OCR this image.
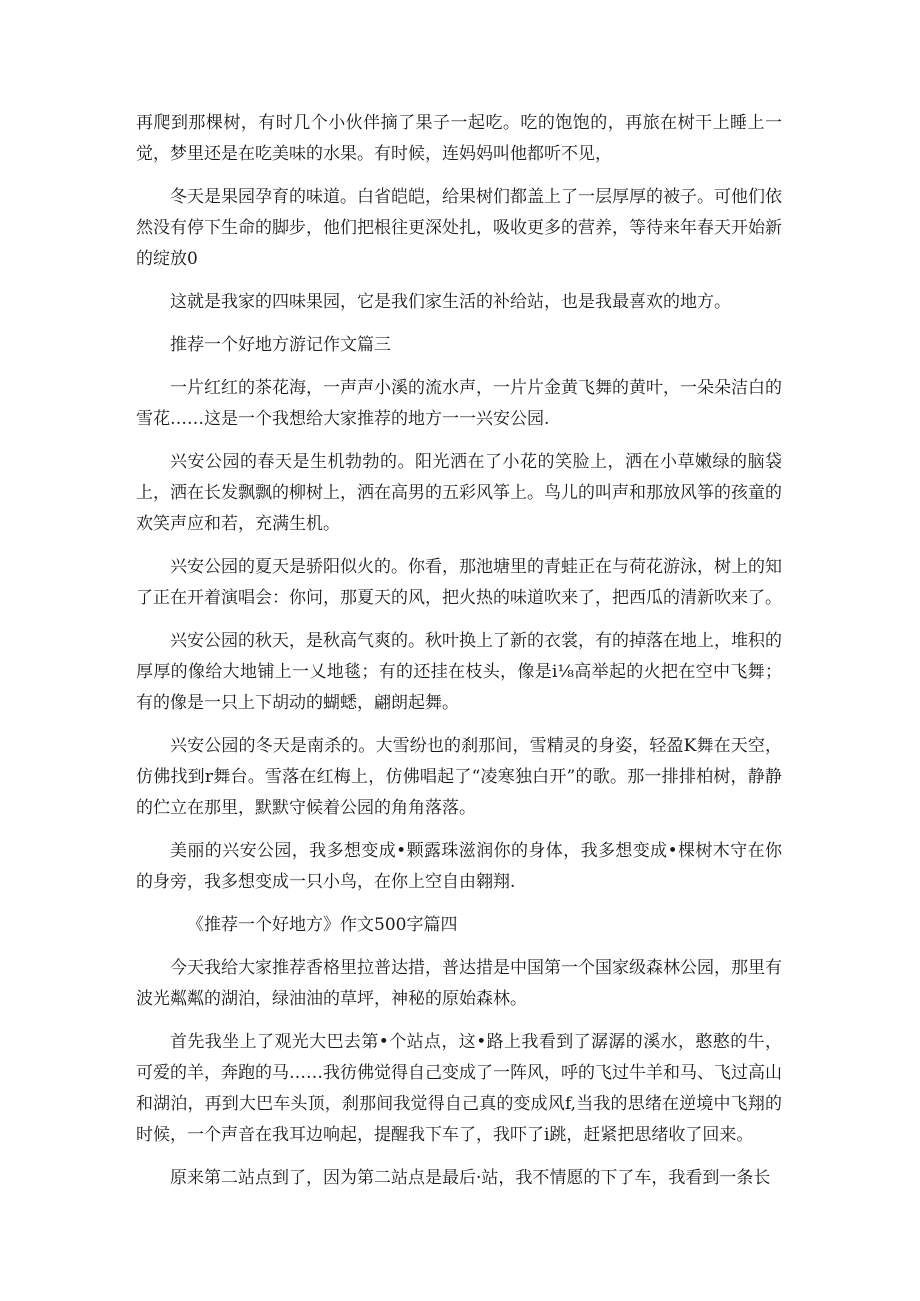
再爬到那棵树，有时几个小伙伴摘了果子一起吃。吃的饱饱的，再旅在树干上睡上一觉，梦里还是在吃美味的水果。有时候，连妈妈叫他都听不见，

冬天是果园孕育的味道。白省皑皑，给果树们都盖上了一层厚厚的被子。可他们依然没有停下生命的脚步，他们把根往更深处扎，吸收更多的营养，等待来年春天开始新的绽放0

这就是我家的四味果园，它是我们家生活的补给站，也是我最喜欢的地方。

推荐一个好地方游记作文篇三

一片红红的茶花海，一声声小溪的流水声，一片片金黄飞舞的黄叶，一朵朵洁白的雪花……这是一个我想给大家推荐的地方一一兴安公园.

兴安公园的春天是生机勃勃的。阳光洒在了小花的笑脸上，洒在小草嫩绿的脑袋上，洒在长发飘飘的柳树上，洒在高男的五彩风筝上。鸟儿的叫声和那放风筝的孩童的欢笑声应和若，充满生机。

兴安公园的夏天是骄阳似火的。你看，那池塘里的青蛙正在与荷花游泳，树上的知了正在开着演唱会：你问，那夏天的风，把火热的味道吹来了，把西瓜的清新吹来了。

兴安公园的秋天，是秋高气爽的。秋叶换上了新的衣裳，有的掉落在地上，堆积的厚厚的像给大地铺上一乂地毯；有的还挂在枝头，像是i⅛高举起的火把在空中飞舞；有的像是一只上下胡动的蝴蟋，翩朗起舞。

兴安公园的冬天是南杀的。大雪纷也的刹那间，雪精灵的身姿，轻盈K舞在天空，仿佛找到r舞台。雪落在红梅上，仿佛唱起了“凌寒独白开”的歌。那一排排柏树，静静的伫立在那里，默默守候着公园的角角落落。

美丽的兴安公园，我多想变成•颗露珠滋润你的身体，我多想变成•棵树木守在你的身旁，我多想变成一只小鸟，在你上空自由翱翔.

《推荐一个好地方》作文500字篇四

今天我给大家推荐香格里拉普达措，普达措是中国第一个国家级森林公园，那里有波光粼粼的湖泊，绿油油的草坪，神秘的原始森林。

首先我坐上了观光大巴去第•个站点，这•路上我看到了潺潺的溪水，憨憨的牛，可爱的羊，奔跑的马……我彷佛觉得自己变成了一阵风，呼的飞过牛羊和马、飞过高山和湖泊，再到大巴车头顶，刹那间我觉得自己真的变成风f,当我的思绪在逆境中飞翔的时候，一个声音在我耳边响起，提醒我下车了，我吓了i跳，赶紧把思绪收了回来。

原来第二站点到了，因为第二站点是最后·站，我不情愿的下了车，我看到一条长
